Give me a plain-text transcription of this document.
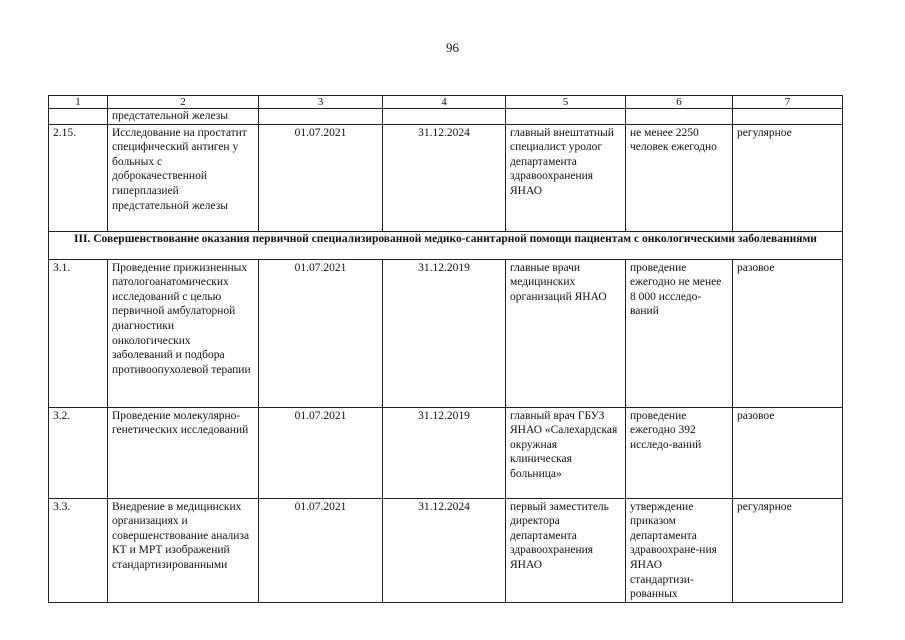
96
1	2	3	4	5	6	7
	предстательной железы					
2.15.	Исследование на простатит специфический антиген у больных с доброкачественной гиперплазией предстательной железы	01.07.2021	31.12.2024	главный внештатный специалист уролог департамента здравоохранения ЯНАО	не менее 2250 человек ежегодно	регулярное
III. Совершенствование оказания первичной специализированной медико-санитарной помощи пациентам с онкологическими заболеваниями						
3.1.	Проведение прижизненных патологоанатомических исследований с целью первичной амбулаторной диагностики онкологических заболеваний и подбора противоопухолевой терапии	01.07.2021	31.12.2019	главные врачи медицинских организаций ЯНАО	проведение ежегодно не менее 8 000 исследо-ваний	разовое
3.2.	Проведение молекулярно-генетических исследований	01.07.2021	31.12.2019	главный врач ГБУЗ ЯНАО «Салехардская окружная клиническая больница»	проведение ежегодно 392 исследо-ваний	разовое
3.3.	Внедрение в медицинских организациях и совершенствование анализа КТ и МРТ изображений стандартизированными	01.07.2021	31.12.2024	первый заместитель директора департамента здравоохранения ЯНАО	утверждение приказом департамента здравоохране-ния ЯНАО стандартизи-рованных	регулярное
